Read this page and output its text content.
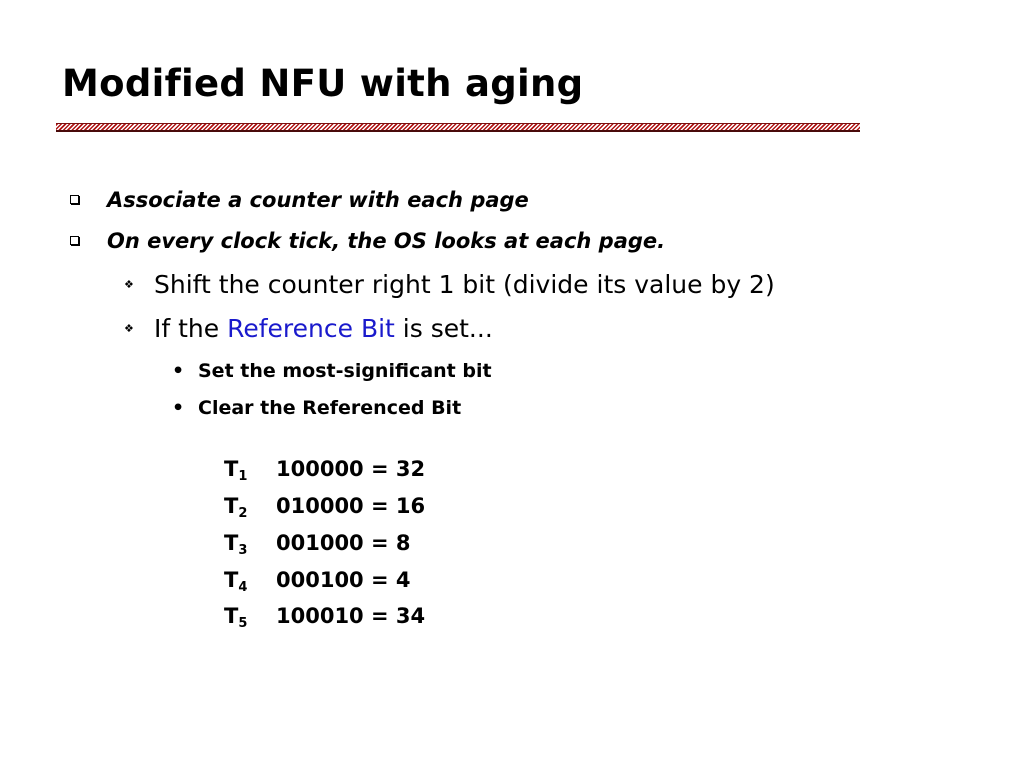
Modified NFU with aging
Associate a counter with each page
On every clock tick, the OS looks at each page.
❖ Shift the counter right 1 bit (divide its value by 2)
❖ If the Reference Bit is set...
• Set the most-significant bit
• Clear the Referenced Bit
$T_1$ 100000 = 32
$T_2$ 010000 = 16
$T_3$ 001000 = 8
$T_4$ 000100 = 4
$T_5$ 100010 = 34
